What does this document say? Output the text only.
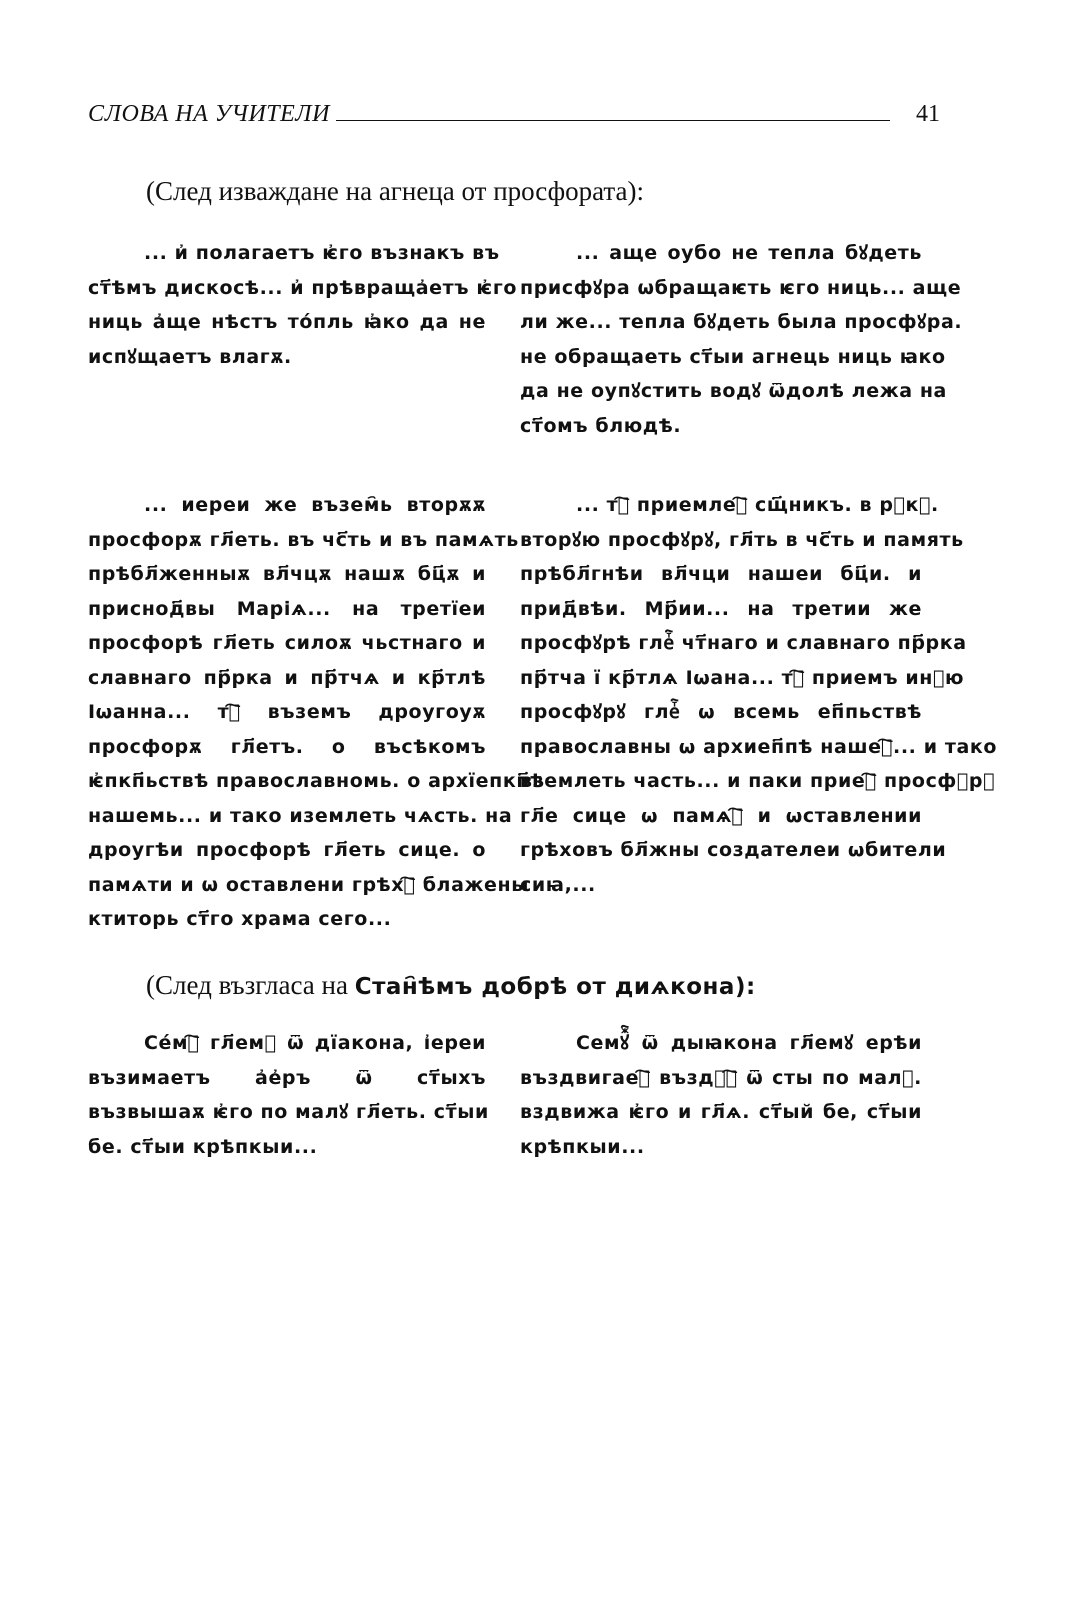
СЛОВА НА УЧИТЕЛИ	41
(След изваждане на агнеца от просфората):
... и҆ полагаетъ ѥ҆го възнакъ въ
ст҃ѣмъ дискосѣ... и҆ прѣвраща҆етъ ѥ҆го
ниць а҆ще нѣстъ то́пль ꙗ҆ко да не
испꙋщаетъ влагѫ.
... аще оубо не тепла бꙋдеть
присфꙋра ѡбращаѥть ѥго ниць... аще
ли же... тепла бꙋдеть была просфꙋра.
не обращаеть ст҃ыи агнець ниць ꙗко
да не оупꙋстить водꙋ ѿдолѣ лежа на
ст҃омъ блюдѣ.
... иереи же възем҄ь вторѫѫ
просфорѫ гл҃еть. въ чс҃ть и въ памѧть
прѣбл҃женныѫ вл҃чцѫ нашѫ бц҃ѫ и
приснод҃вы Маріѧ... на третїеи
просфорѣ гл҃еть силоѫ чьстнаго и
славнаго пр҃рка и пр҃тчѧ и кр҃тлѣ
Іωанна... тⷽ҇ въземъ дроугоуѫ
просфорѫ гл҃етъ. о въсѣкомъ
ѥ҆пкп҃ьствѣ православномь. о архїепкп҃ѣ
нашемь... и тако иземлеть чѧсть. на
дроугѣи просфорѣ гл҃еть сице. о
памѧти и ѡ оставлени грѣхⷪ҇ блажены
ктиторь ст҃го храма сего...
... тⷽ҇ приемлеⷮ҇ сщ҃никъ. в рꙋкꙋ.
вторꙋю просфꙋрꙋ, гл҃ть в чс҃ть и память
прѣбл҃гнѣи вл҃чци нашеи бц҃и. и
прид҃вѣи. Мр҃ии... на третии же
просфꙋрѣ глеⷮ҇ чт҃наго и славнаго пр҃рка
пр҃тча ї кр҃тлѧ Іωана... тⷽ҇ приемъ инꙋю
просфꙋрꙋ глеⷮ҇ ω всемь еп҃пьствѣ
православны ω архиеп҃пѣ нашеⷨ҇... и тако
вземлеть часть... и паки приеⷨ҇ просфꙋрꙋ
гл҃е сице ω памѧⷮ҇ и ωставлении
грѣховъ бл҃жны создателеи ωбители
сиꙗ,...
(След възгласа на Стан҄ѣмъ добрѣ от диѧкона):
Се́мⷤ҇ гл҃емꙋ ѿ дїакона, і҆ереи
възимаетъ а҆е҆ръ ѿ ст҃ыхъ
възвышаѫ ѥ҆го по малꙋ гл҃еть. ст҃ыи
бе. ст҃ыи крѣпкыи...
Семꙋⷤ҇ ѿ дыꙗкона гл҃емꙋ ерѣи
въздвигаеⷮ҇ въздꙋⷯ҇ ѿ сты по малꙋ.
вздвижа ѥ҆го и гл҃ѧ. ст҃ый бе, ст҃ыи
крѣпкыи...
